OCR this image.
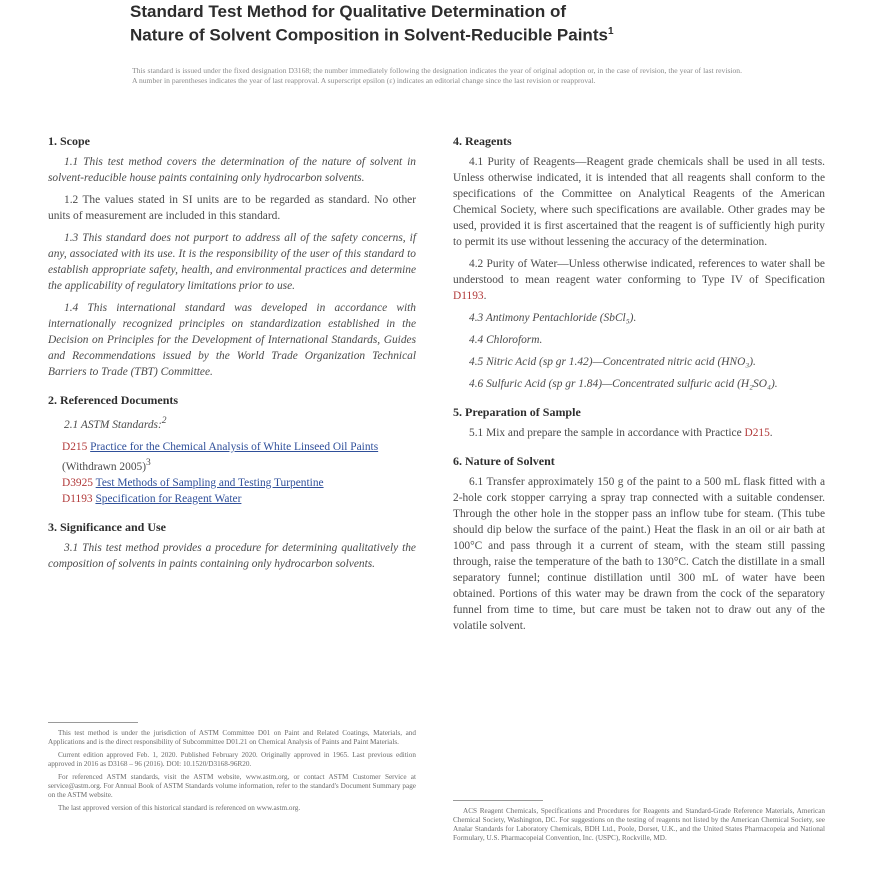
Standard Test Method for Qualitative Determination of
Nature of Solvent Composition in Solvent-Reducible Paints$^1$
This standard is issued under the fixed designation D3168; the number immediately following the designation indicates the year of original adoption or, in the case of revision, the year of last revision. A number in parentheses indicates the year of last reapproval. A superscript epsilon (ε) indicates an editorial change since the last revision or reapproval.
1. Scope
1.1 This test method covers the determination of the nature of solvent in solvent-reducible house paints containing only hydrocarbon solvents.
1.2 The values stated in SI units are to be regarded as standard. No other units of measurement are included in this standard.
1.3 This standard does not purport to address all of the safety concerns, if any, associated with its use. It is the responsibility of the user of this standard to establish appropriate safety, health, and environmental practices and determine the applicability of regulatory limitations prior to use.
1.4 This international standard was developed in accordance with internationally recognized principles on standardization established in the Decision on Principles for the Development of International Standards, Guides and Recommendations issued by the World Trade Organization Technical Barriers to Trade (TBT) Committee.
2. Referenced Documents
2.1 ASTM Standards:$^2$
D215 Practice for the Chemical Analysis of White Linseed Oil Paints (Withdrawn 2005)$^3$
D3925 Test Methods of Sampling and Testing Turpentine
D1193 Specification for Reagent Water
3. Significance and Use
3.1 This test method provides a procedure for determining qualitatively the composition of solvents in paints containing only hydrocarbon solvents.
This test method is under the jurisdiction of ASTM Committee D01 on Paint and Related Coatings, Materials, and Applications and is the direct responsibility of Subcommittee D01.21 on Chemical Analysis of Paints and Paint Materials.
Current edition approved Feb. 1, 2020. Published February 2020. Originally approved in 1965. Last previous edition approved in 2016 as D3168 – 96 (2016). DOI: 10.1520/D3168-96R20.
For referenced ASTM standards, visit the ASTM website, www.astm.org, or contact ASTM Customer Service at service@astm.org. For Annual Book of ASTM Standards volume information, refer to the standard's Document Summary page on the ASTM website.
The last approved version of this historical standard is referenced on www.astm.org.
4. Reagents
4.1 Purity of Reagents—Reagent grade chemicals shall be used in all tests. Unless otherwise indicated, it is intended that all reagents shall conform to the specifications of the Committee on Analytical Reagents of the American Chemical Society, where such specifications are available. Other grades may be used, provided it is first ascertained that the reagent is of sufficiently high purity to permit its use without lessening the accuracy of the determination.
4.2 Purity of Water—Unless otherwise indicated, references to water shall be understood to mean reagent water conforming to Type IV of Specification D1193.
4.3 Antimony Pentachloride (SbCl₅).
4.4 Chloroform.
4.5 Nitric Acid (sp gr 1.42)—Concentrated nitric acid (HNO₃).
4.6 Sulfuric Acid (sp gr 1.84)—Concentrated sulfuric acid (H₂SO₄).
5. Preparation of Sample
5.1 Mix and prepare the sample in accordance with Practice D215.
6. Nature of Solvent
6.1 Transfer approximately 150 g of the paint to a 500 mL flask fitted with a 2-hole cork stopper carrying a spray trap connected with a suitable condenser. Through the other hole in the stopper pass an inflow tube for steam. (This tube should dip below the surface of the paint.) Heat the flask in an oil or air bath at 100°C and pass through it a current of steam, with the steam still passing through, raise the temperature of the bath to 130°C. Catch the distillate in a small separatory funnel; continue distillation until 300 mL of water have been obtained. Portions of this water may be drawn from the cock of the separatory funnel from time to time, but care must be taken not to draw out any of the volatile solvent.
ACS Reagent Chemicals, Specifications and Procedures for Reagents and Standard-Grade Reference Materials, American Chemical Society, Washington, DC. For suggestions on the testing of reagents not listed by the American Chemical Society, see Analar Standards for Laboratory Chemicals, BDH Ltd., Poole, Dorset, U.K., and the United States Pharmacopeia and National Formulary, U.S. Pharmacopeial Convention, Inc. (USPC), Rockville, MD.
